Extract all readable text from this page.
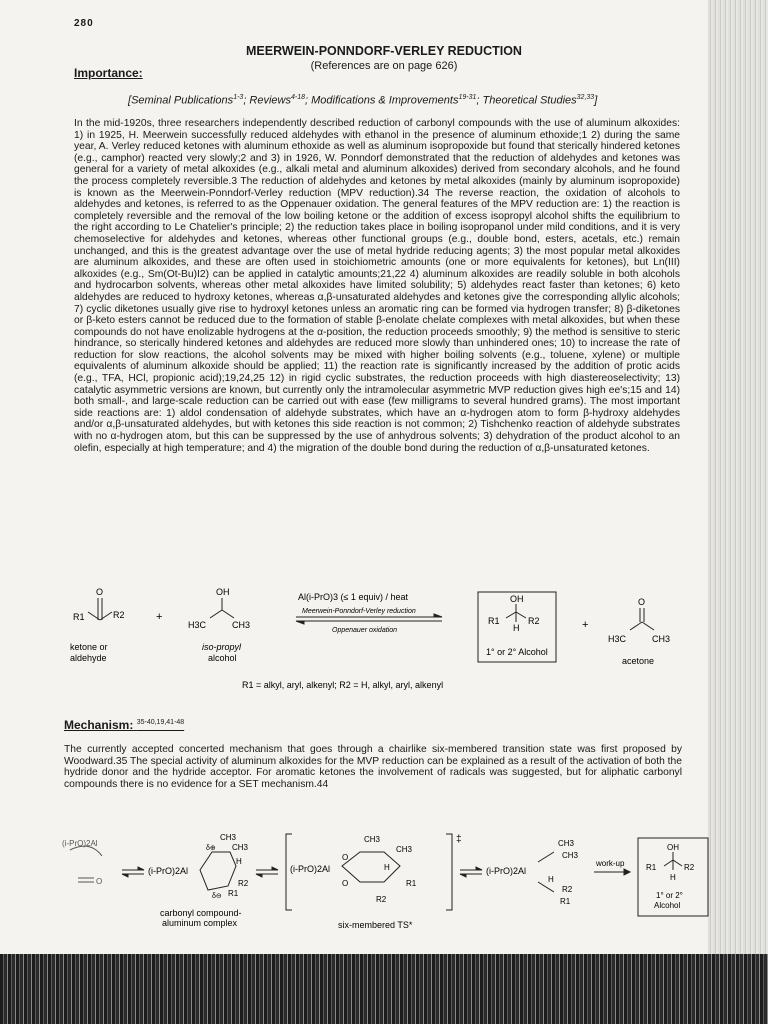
280
MEERWEIN-PONNDORF-VERLEY REDUCTION
(References are on page 626)
Importance:
[Seminal Publications$^{1-3}$; Reviews$^{4-18}$; Modifications & Improvements$^{19-31}$; Theoretical Studies$^{32,33}$]

In the mid-1920s, three researchers independently described reduction of carbonyl compounds with the use of aluminum alkoxides: 1) in 1925, H. Meerwein successfully reduced aldehydes with ethanol in the presence of aluminum ethoxide;1 2) during the same year, A. Verley reduced ketones with aluminum ethoxide as well as aluminum isopropoxide but found that sterically hindered ketones (e.g., camphor) reacted very slowly;2 and 3) in 1926, W. Ponndorf demonstrated that the reduction of aldehydes and ketones was general for a variety of metal alkoxides (e.g., alkali metal and aluminum alkoxides) derived from secondary alcohols, and he found the process completely reversible.3 The reduction of aldehydes and ketones by metal alkoxides (mainly by aluminum isopropoxide) is known as the Meerwein-Ponndorf-Verley reduction (MPV reduction).34 The reverse reaction, the oxidation of alcohols to aldehydes and ketones, is referred to as the Oppenauer oxidation. The general features of the MPV reduction are: 1) the reaction is completely reversible and the removal of the low boiling ketone or the addition of excess isopropyl alcohol shifts the equilibrium to the right according to Le Chatelier's principle; 2) the reduction takes place in boiling isopropanol under mild conditions, and it is very chemoselective for aldehydes and ketones, whereas other functional groups (e.g., double bond, esters, acetals, etc.) remain unchanged, and this is the greatest advantage over the use of metal hydride reducing agents; 3) the most popular metal alkoxides are aluminum alkoxides, and these are often used in stoichiometric amounts (one or more equivalents for ketones), but Ln(III) alkoxides (e.g., Sm(Ot-Bu)I2) can be applied in catalytic amounts;21,22 4) aluminum alkoxides are readily soluble in both alcohols and hydrocarbon solvents, whereas other metal alkoxides have limited solubility; 5) aldehydes react faster than ketones; 6) keto aldehydes are reduced to hydroxy ketones, whereas α,β-unsaturated aldehydes and ketones give the corresponding allylic alcohols; 7) cyclic diketones usually give rise to hydroxyl ketones unless an aromatic ring can be formed via hydrogen transfer; 8) β-diketones or β-keto esters cannot be reduced due to the formation of stable β-enolate chelate complexes with metal alkoxides, but when these compounds do not have enolizable hydrogens at the α-position, the reduction proceeds smoothly; 9) the method is sensitive to steric hindrance, so sterically hindered ketones and aldehydes are reduced more slowly than unhindered ones; 10) to increase the rate of reduction for slow reactions, the alcohol solvents may be mixed with higher boiling solvents (e.g., toluene, xylene) or multiple equivalents of aluminum alkoxide should be applied; 11) the reaction rate is significantly increased by the addition of protic acids (e.g., TFA, HCl, propionic acid);19,24,25 12) in rigid cyclic substrates, the reduction proceeds with high diastereoselectivity; 13) catalytic asymmetric versions are known, but currently only the intramolecular asymmetric MVP reduction gives high ee's;15 and 14) both small-, and large-scale reduction can be carried out with ease (few milligrams to several hundred grams). The most important side reactions are: 1) aldol condensation of aldehyde substrates, which have an α-hydrogen atom to form β-hydroxy aldehydes and/or α,β-unsaturated aldehydes, but with ketones this side reaction is not common; 2) Tishchenko reaction of aldehyde substrates with no α-hydrogen atom, but this can be suppressed by the use of anhydrous solvents; 3) dehydration of the product alcohol to an olefin, especially at high temperature; and 4) the migration of the double bond during the reduction of α,β-unsaturated ketones.

O
R1	R2
ketone or
aldehyde
+
OH
H3C	CH3
iso-propyl
alcohol
Al(i-PrO)3 (≤ 1 equiv) / heat
Meerwein-Ponndorf-Verley reduction
Oppenauer oxidation
OH
H
R1	R2
1° or 2° Alcohol
+
O
H3C	CH3
acetone
R1 = alkyl, aryl, alkenyl; R2 = H, alkyl, aryl, alkenyl
Mechanism: $^{35-40,19,41-48}$

The currently accepted concerted mechanism that goes through a chairlike six-membered transition state was first proposed by Woodward.35 The special activity of aluminum alkoxides for the MVP reduction can be explained as a result of the activation of both the hydride donor and the hydride acceptor. For aromatic ketones the involvement of radicals was suggested, but for aliphatic carbonyl compounds there is no evidence for a SET mechanism.44

(i-PrO)2Al
O
(i-PrO)2Al
CH3
CH3
δ⊕
H
R2
R1
δ⊖
carbonyl compound-
aluminum complex
‡
(i-PrO)2Al
CH3
CH3
H
O
O	R1
R2
six-membered TS*
(i-PrO)2Al
CH3
CH3
H
R2
R1
work-up
OH
R1	R2
H
1° or 2°
Alcohol
